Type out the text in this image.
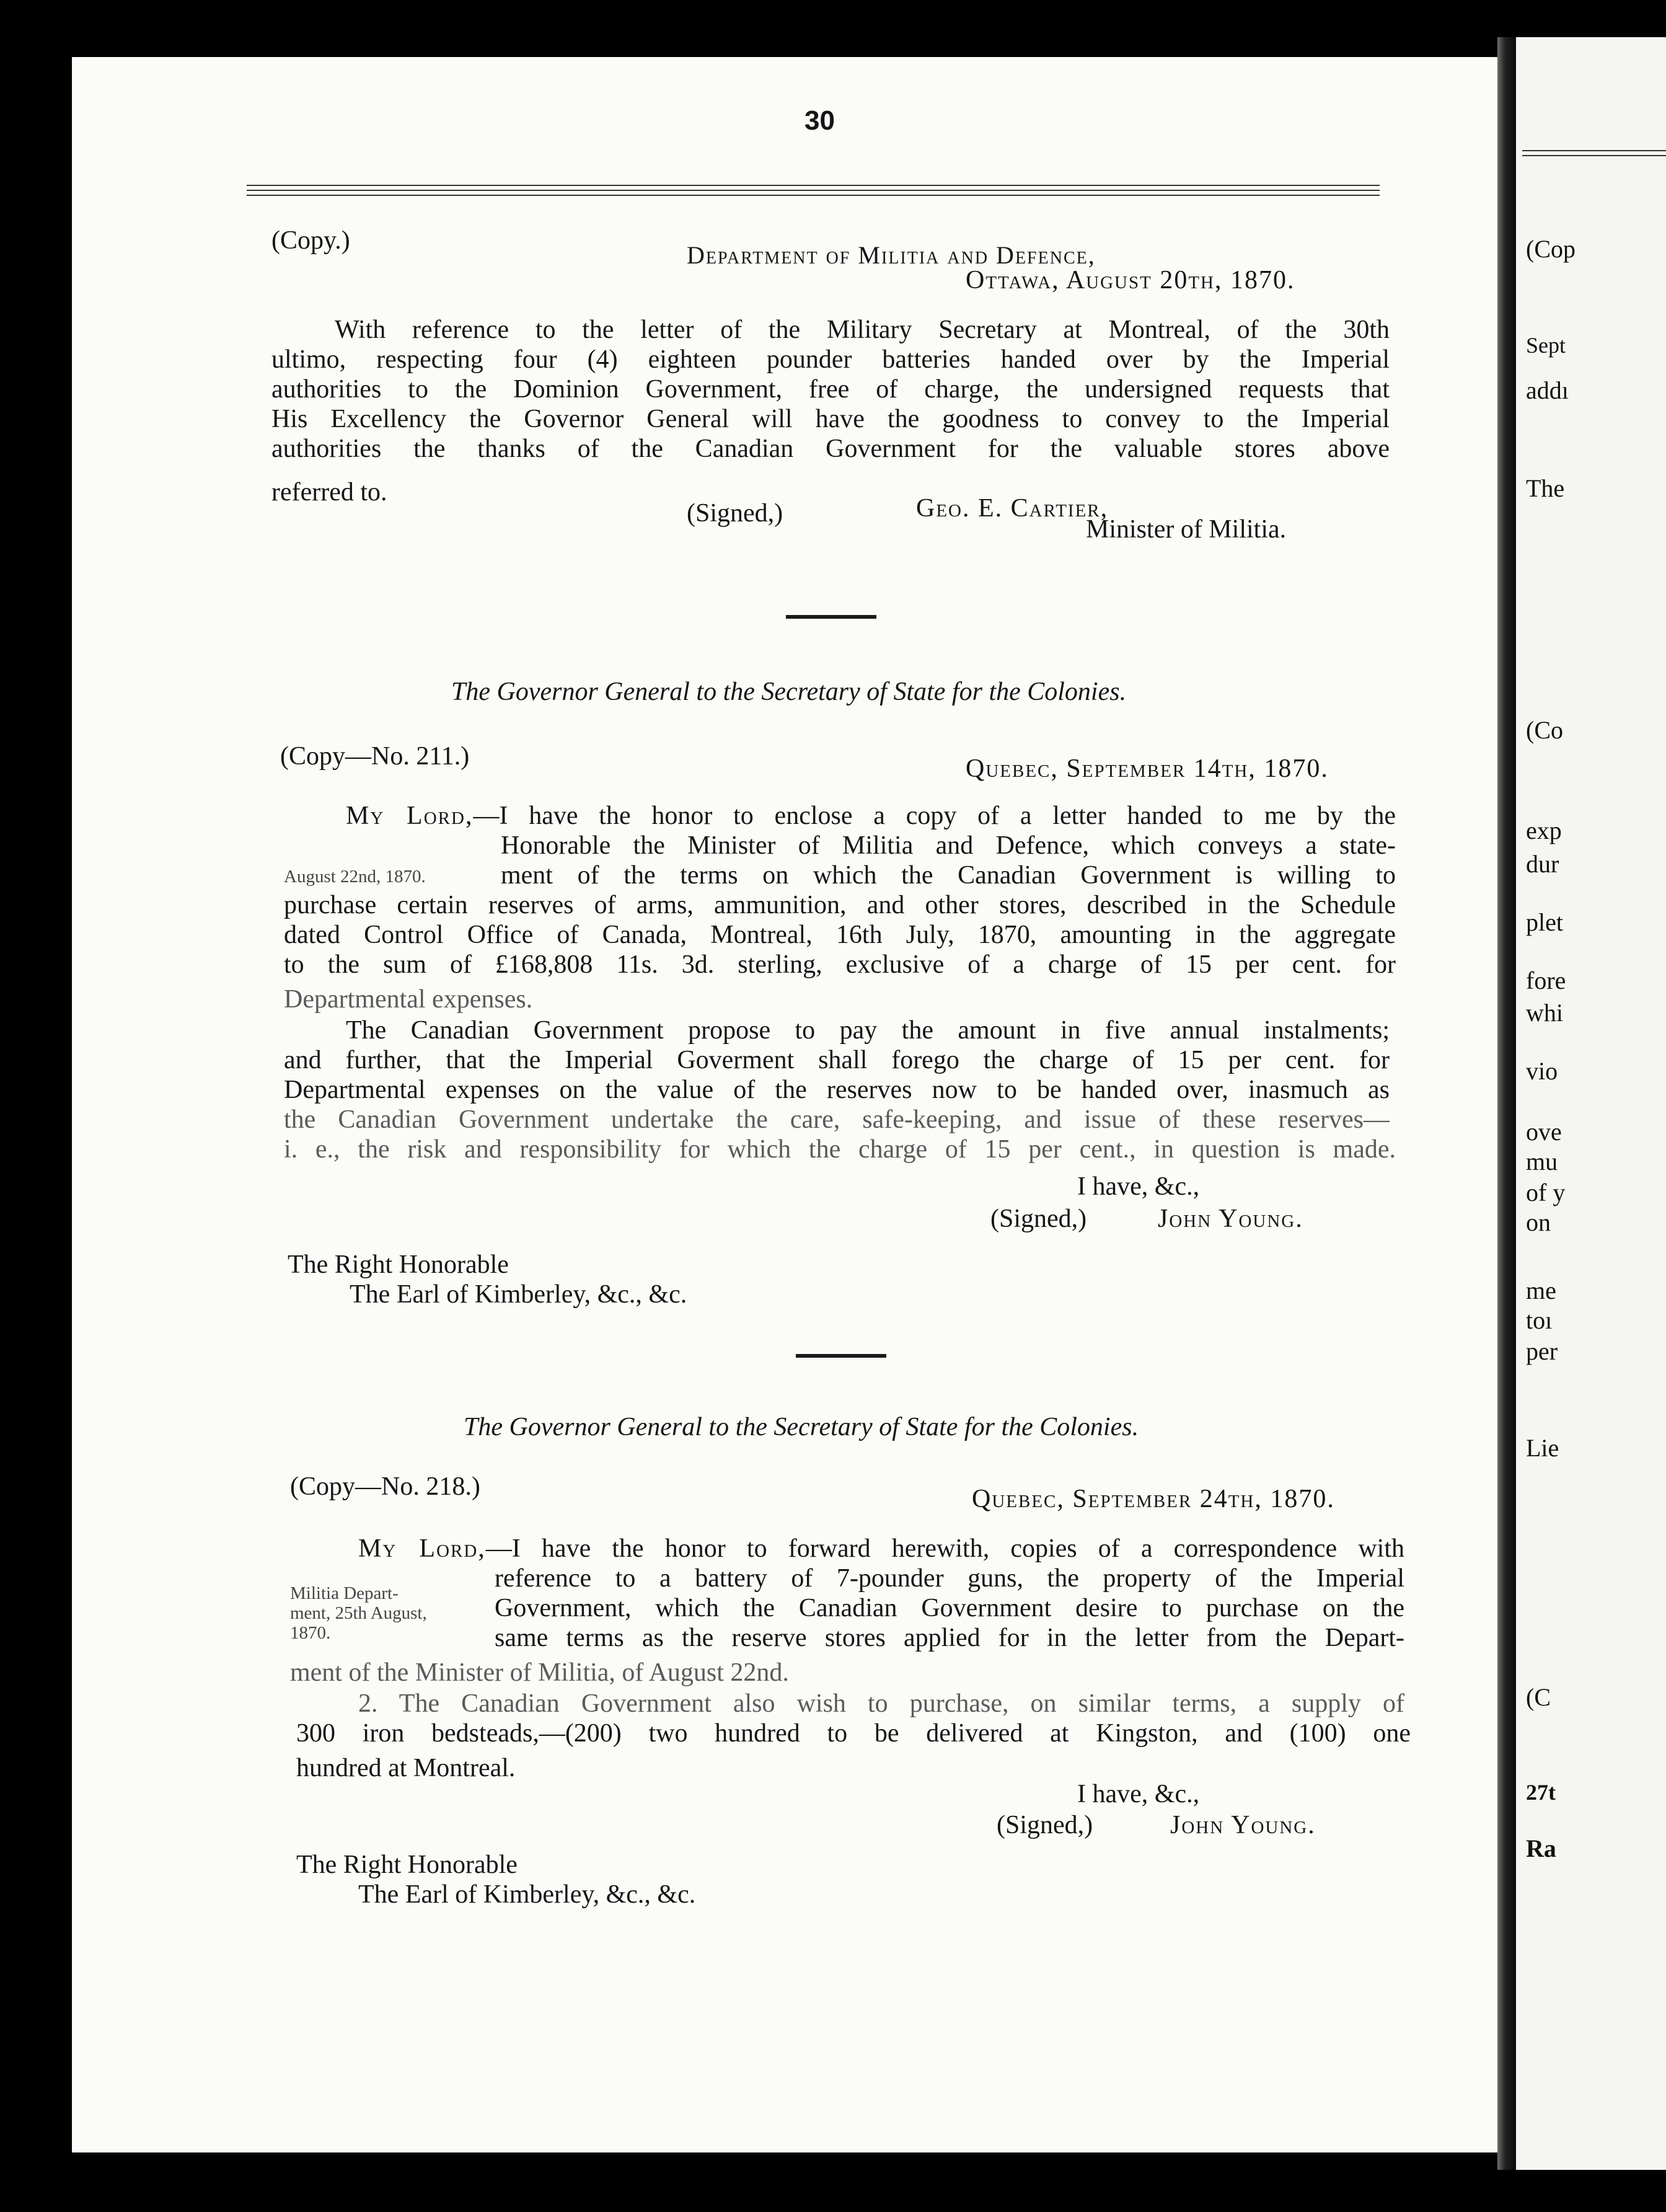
30
(Copy.)
Department of Militia and Defence,
Ottawa, August 20th, 1870.
With reference to the letter of the Military Secretary at Montreal, of the 30th
ultimo, respecting four (4) eighteen pounder batteries handed over by the Imperial
authorities to the Dominion Government, free of charge, the undersigned requests that
His Excellency the Governor General will have the goodness to convey to the Imperial
authorities the thanks of the Canadian Government for the valuable stores above
referred to.
(Signed,)	Geo. E. Cartier,
Minister of Militia.
The Governor General to the Secretary of State for the Colonies.
(Copy—No. 211.)	Quebec, September 14th, 1870.
My Lord,—I have the honor to enclose a copy of a letter handed to me by the
Honorable the Minister of Militia and Defence, which conveys a state-
August 22nd, 1870.	ment of the terms on which the Canadian Government is willing to
purchase certain reserves of arms, ammunition, and other stores, described in the Schedule
dated Control Office of Canada, Montreal, 16th July, 1870, amounting in the aggregate
to the sum of £168,808 11s. 3d. sterling, exclusive of a charge of 15 per cent. for
Departmental expenses.
The Canadian Government propose to pay the amount in five annual instalments;
and further, that the Imperial Goverment shall forego the charge of 15 per cent. for
Departmental expenses on the value of the reserves now to be handed over, inasmuch as
the Canadian Government undertake the care, safe-keeping, and issue of these reserves—
i. e., the risk and responsibility for which the charge of 15 per cent., in question is made.
I have, &c.,
(Signed,)	John Young.
The Right Honorable
The Earl of Kimberley, &c., &c.
The Governor General to the Secretary of State for the Colonies.
(Copy—No. 218.)	Quebec, September 24th, 1870.
My Lord,—I have the honor to forward herewith, copies of a correspondence with
Militia Depart-
ment, 25th August,
1870.
reference to a battery of 7-pounder guns, the property of the Imperial
Government, which the Canadian Government desire to purchase on the
same terms as the reserve stores applied for in the letter from the Depart-
ment of the Minister of Militia, of August 22nd.
2. The Canadian Government also wish to purchase, on similar terms, a supply of
300 iron bedsteads,—(200) two hundred to be delivered at Kingston, and (100) one
hundred at Montreal.
I have, &c.,
(Signed,)	John Young.
The Right Honorable
The Earl of Kimberley, &c., &c.
(Cop
Sept
addı
The
(Co
exp
dur
plet
fore
whi
vio
ove
mu
of y
on
me
toı
per
Lie
(C
27t
Ra
